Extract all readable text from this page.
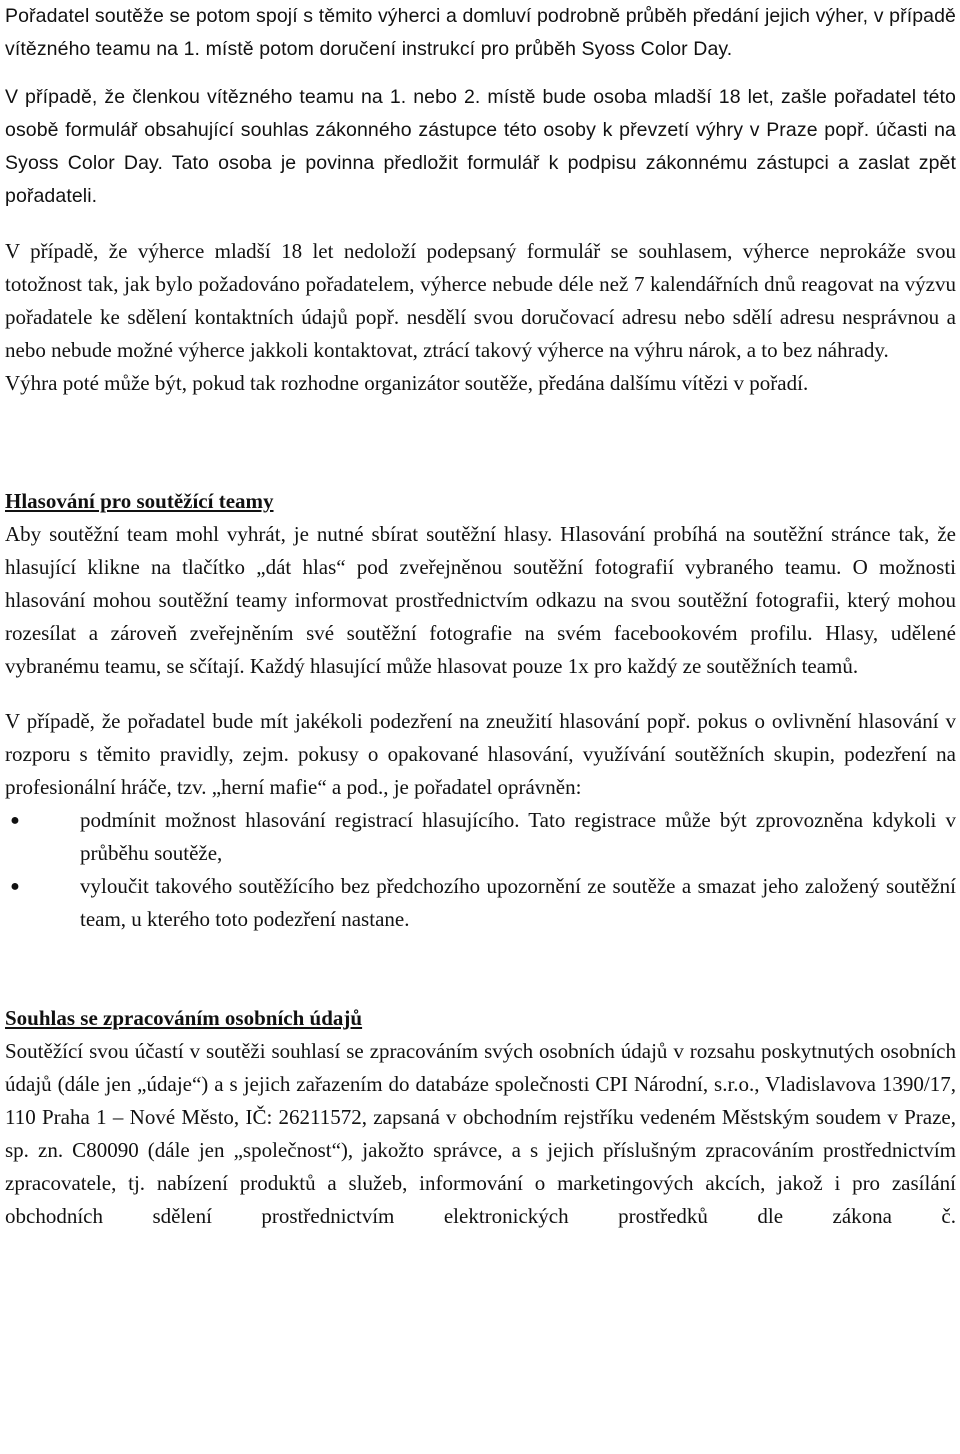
Pořadatel soutěže se potom spojí s těmito výherci a domluví podrobně průběh předání jejich výher, v případě vítězného teamu na 1. místě potom doručení instrukcí pro průběh Syoss Color Day.

V případě, že členkou vítězného teamu na 1. nebo 2. místě bude osoba mladší 18 let, zašle pořadatel této osobě formulář obsahující souhlas zákonného zástupce této osoby k převzetí výhry v Praze popř. účasti na Syoss Color Day. Tato osoba je povinna předložit formulář k podpisu zákonnému zástupci a zaslat zpět pořadateli.

V případě, že výherce mladší 18 let nedoloží podepsaný formulář se souhlasem, výherce neprokáže svou totožnost tak, jak bylo požadováno pořadatelem, výherce nebude déle než 7 kalendářních dnů reagovat na výzvu pořadatele ke sdělení kontaktních údajů popř. nesdělí svou doručovací adresu nebo sdělí adresu nesprávnou a nebo nebude možné výherce jakkoli kontaktovat, ztrácí takový výherce na výhru nárok, a to bez náhrady.

Výhra poté může být, pokud tak rozhodne organizátor soutěže, předána dalšímu vítězi v pořadí.

Hlasování pro soutěžící teamy

Aby soutěžní team mohl vyhrát, je nutné sbírat soutěžní hlasy. Hlasování probíhá na soutěžní stránce tak, že hlasující klikne na tlačítko „dát hlas“ pod zveřejněnou soutěžní fotografií vybraného teamu. O možnosti hlasování mohou soutěžní teamy informovat prostřednictvím odkazu na svou soutěžní fotografii, který mohou rozesílat a zároveň zveřejněním své soutěžní fotografie na svém facebookovém profilu. Hlasy, udělené vybranému teamu, se sčítají. Každý hlasující může hlasovat pouze 1x pro každý ze soutěžních teamů.

V případě, že pořadatel bude mít jakékoli podezření na zneužití hlasování popř. pokus o ovlivnění hlasování v rozporu s těmito pravidly, zejm. pokusy o opakované hlasování, využívání soutěžních skupin, podezření na profesionální hráče, tzv. „herní mafie“ a pod., je pořadatel oprávněn:

●	podmínit možnost hlasování registrací hlasujícího. Tato registrace může být zprovozněna kdykoli v průběhu soutěže,
●	vyloučit takového soutěžícího bez předchozího upozornění ze soutěže a smazat jeho založený soutěžní team, u kterého toto podezření nastane.

Souhlas se zpracováním osobních údajů

Soutěžící svou účastí v soutěži souhlasí se zpracováním svých osobních údajů v rozsahu poskytnutých osobních údajů (dále jen „údaje“) a s jejich zařazením do databáze společnosti CPI Národní, s.r.o., Vladislavova 1390/17, 110 Praha 1 – Nové Město, IČ: 26211572, zapsaná v obchodním rejstříku vedeném Městským soudem v Praze, sp. zn. C80090 (dále jen „společnost“), jakožto správce, a s jejich příslušným zpracováním prostřednictvím zpracovatele, tj. nabízení produktů a služeb, informování o marketingových akcích, jakož i pro zasílání obchodních sdělení prostřednictvím elektronických prostředků dle zákona č.
